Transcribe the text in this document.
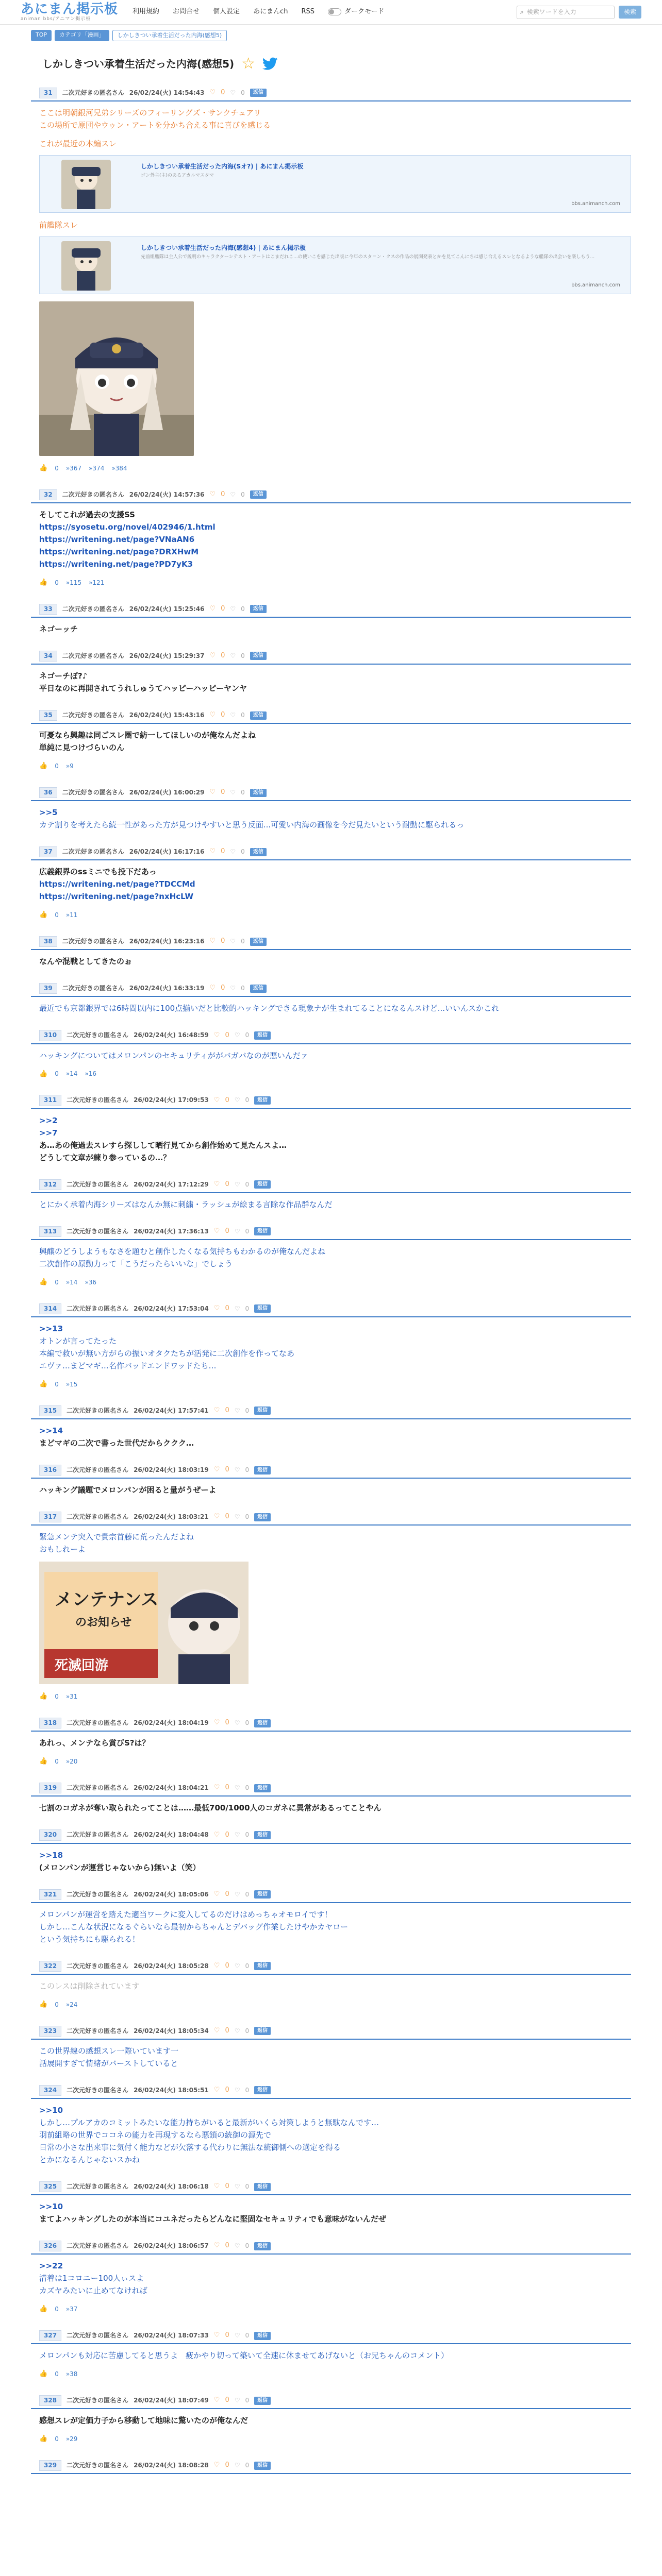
あにまん掲示板
animan bbs/アニマン掲示板
利用規約 お問合せ 個人設定 あにまんch RSS	ダークモード	⌕ 検索ワードを入力	検索
TOP	カテゴリ「漫画」	しかしきつい承着生活だった内海(感想5)
しかしきつい承着生活だった内海(感想5) ☆
31	二次元好きの匿名さん 26/02/24(火) 14:54:43 ♡ 0 ♡ 0	返信

ここは明朝銀河兄弟シリーズのフィーリングズ・サンクチュアリ

この場所で原団やウゥン・アートを分かち合える事に喜びを感じる

これが最近の本編スレ

しかしきつい承着生活だった内海(Sオ?) | あにまん掲示板
ゴン外主(主)のあるアカルマスタマ
bbs.animanch.com

前艦隊スレ

しかしきつい承着生活だった内海(感想4) | あにまん掲示板
先前組艦隊は主人公で説明のキャラクターシテスト・アートはこまだれこ...の使いこを感じた出版に今年のスタ＝ン・クスの作品の展開発表とかを見てこんにちは感じ合えるスレとなるような艦隊の出会いを楽しもう...
bbs.animanch.com
👍 0 »367 »374 »384
32	二次元好きの匿名さん 26/02/24(火) 14:57:36 ♡ 0 ♡ 0	返信

そしてこれが過去の支援SS

https://syosetu.org/novel/402946/1.html

https://writening.net/page?VNaAN6

https://writening.net/page?DRXHwM

https://writening.net/page?PD7yK3

👍 0 »115 »121
33	二次元好きの匿名さん 26/02/24(火) 15:25:46 ♡ 0 ♡ 0	返信

ネゴーッチ

34	二次元好きの匿名さん 26/02/24(火) 15:29:37 ♡ 0 ♡ 0	返信

ネゴーチぼ?♪

平日なのに再開されてうれしゅうてハッピーハッピーヤンヤ

35	二次元好きの匿名さん 26/02/24(火) 15:43:16 ♡ 0 ♡ 0	返信

可憂なら興趣は同ごスレ圏で紡一してほしいのが俺なんだよね

単純に見つけづらいのん

👍 0 »9
36	二次元好きの匿名さん 26/02/24(火) 16:00:29 ♡ 0 ♡ 0	返信

>>5

カテ割りを考えたら続一性があった方が見つけやすいと思う反面...可愛い内海の画像を今だ見たいという耐動に駆られるっ

37	二次元好きの匿名さん 26/02/24(火) 16:17:16 ♡ 0 ♡ 0	返信

広義銀界のssミニでも投下だあっ

https://writening.net/page?TDCCMd

https://writening.net/page?nxHcLW

👍 0 »11
38	二次元好きの匿名さん 26/02/24(火) 16:23:16 ♡ 0 ♡ 0	返信

なんや混戦としてきたのぉ

39	二次元好きの匿名さん 26/02/24(火) 16:33:19 ♡ 0 ♡ 0	返信

最近でも京都銀界では6時間以内に100点揃いだと比較的ハッキングできる現象ナが生まれてることになるんスけど...いいんスかこれ

310	二次元好きの匿名さん 26/02/24(火) 16:48:59 ♡ 0 ♡ 0	返信

ハッキングについてはメロンパンのセキュリティががバガバなのが悪いんだァ

👍 0 »14 »16
311	二次元好きの匿名さん 26/02/24(火) 17:09:53 ♡ 0 ♡ 0	返信

>>2

>>7

あ…あの俺過去スレすら探しして晒行見てから創作始めて見たんスよ…

どうして文章が練り参っているの…？

312	二次元好きの匿名さん 26/02/24(火) 17:12:29 ♡ 0 ♡ 0	返信

とにかく承着内海シリーズはなんか無に刺繍・ラッシュが絵まる言除な作品群なんだ

313	二次元好きの匿名さん 26/02/24(火) 17:36:13 ♡ 0 ♡ 0	返信

興醸のどうしようもなさを題むと創作したくなる気持ちもわかるのが俺なんだよね

二次創作の原動力って「こうだったらいいな」でしょう

👍 0 »14 »36
314	二次元好きの匿名さん 26/02/24(火) 17:53:04 ♡ 0 ♡ 0	返信

>>13

オトンが言ってたった

本編で救いが無い方がらの振いオタクたちが活発に二次創作を作ってなあ

エヴァ…まどマギ…名作バッドエンドワッドたち…

👍 0 »15
315	二次元好きの匿名さん 26/02/24(火) 17:57:41 ♡ 0 ♡ 0	返信

>>14

まどマギの二次で書った世代だからククク…

316	二次元好きの匿名さん 26/02/24(火) 18:03:19 ♡ 0 ♡ 0	返信

ハッキング議題でメロンパンが困ると量がうぜーよ

317	二次元好きの匿名さん 26/02/24(火) 18:03:21 ♡ 0 ♡ 0	返信

緊急メンテ突入で貴宗首藤に荒ったんだよね

おもしれーよ

メンテナンス
のお知らせ
死滅回游
👍 0 »31
318	二次元好きの匿名さん 26/02/24(火) 18:04:19 ♡ 0 ♡ 0	返信

あれっ、メンテなら賞びS?は？

👍 0 »20
319	二次元好きの匿名さん 26/02/24(火) 18:04:21 ♡ 0 ♡ 0	返信

七割のコガネが奪い取られたってことは……最低700/1000人のコガネに異常があるってことやん

320	二次元好きの匿名さん 26/02/24(火) 18:04:48 ♡ 0 ♡ 0	返信

>>18

(メロンパンが運営じゃないから)無いよ（笑）

321	二次元好きの匿名さん 26/02/24(火) 18:05:06 ♡ 0 ♡ 0	返信

メロンパンが運営を踏えた適当ワークに変入してるのだけはめっちゃオモロイです！

しかし…こんな状況になるぐらいなら最初からちゃんとデバッグ作業したけやかカヤロー

という気持ちにも駆られる！

322	二次元好きの匿名さん 26/02/24(火) 18:05:28 ♡ 0 ♡ 0	返信

このレスは削除されています

👍 0 »24
323	二次元好きの匿名さん 26/02/24(火) 18:05:34 ♡ 0 ♡ 0	返信

この世界線の感想スレ一際いています一

話展開すぎて情緒がバーストしていると

324	二次元好きの匿名さん 26/02/24(火) 18:05:51 ♡ 0 ♡ 0	返信

>>10

しかし…プルアカのコミットみたいな能力持ちがいると最新がいくら対策しようと無駄なんです…

羽前組略の世界でココネの能力を再現するなら悪鎖の統御の源先で

日常の小さな出来事に気付く能力などが欠落する代わりに無法な統御側への選定を得る

とかになるんじゃないスかね

325	二次元好きの匿名さん 26/02/24(火) 18:06:18 ♡ 0 ♡ 0	返信

>>10

まてよハッキングしたのが本当にコユネだったらどんなに堅固なセキュリティでも意味がないんだぜ

326	二次元好きの匿名さん 26/02/24(火) 18:06:57 ♡ 0 ♡ 0	返信

>>22

清着は1コロニー100人ぃスよ

カズヤみたいに止めてなければ

👍 0 »37
327	二次元好きの匿名さん 26/02/24(火) 18:07:33 ♡ 0 ♡ 0	返信

メロンパンも対応に苦慮してると思うよ　疲かやり切って築いて全速に休ませてあげないと（お兄ちゃんのコメント）

👍 0 »38
328	二次元好きの匿名さん 26/02/24(火) 18:07:49 ♡ 0 ♡ 0	返信

感想スレが定価力子から移動して地味に驚いたのが俺なんだ

👍 0 »29
329	二次元好きの匿名さん 26/02/24(火) 18:08:28 ♡ 0 ♡ 0	返信
